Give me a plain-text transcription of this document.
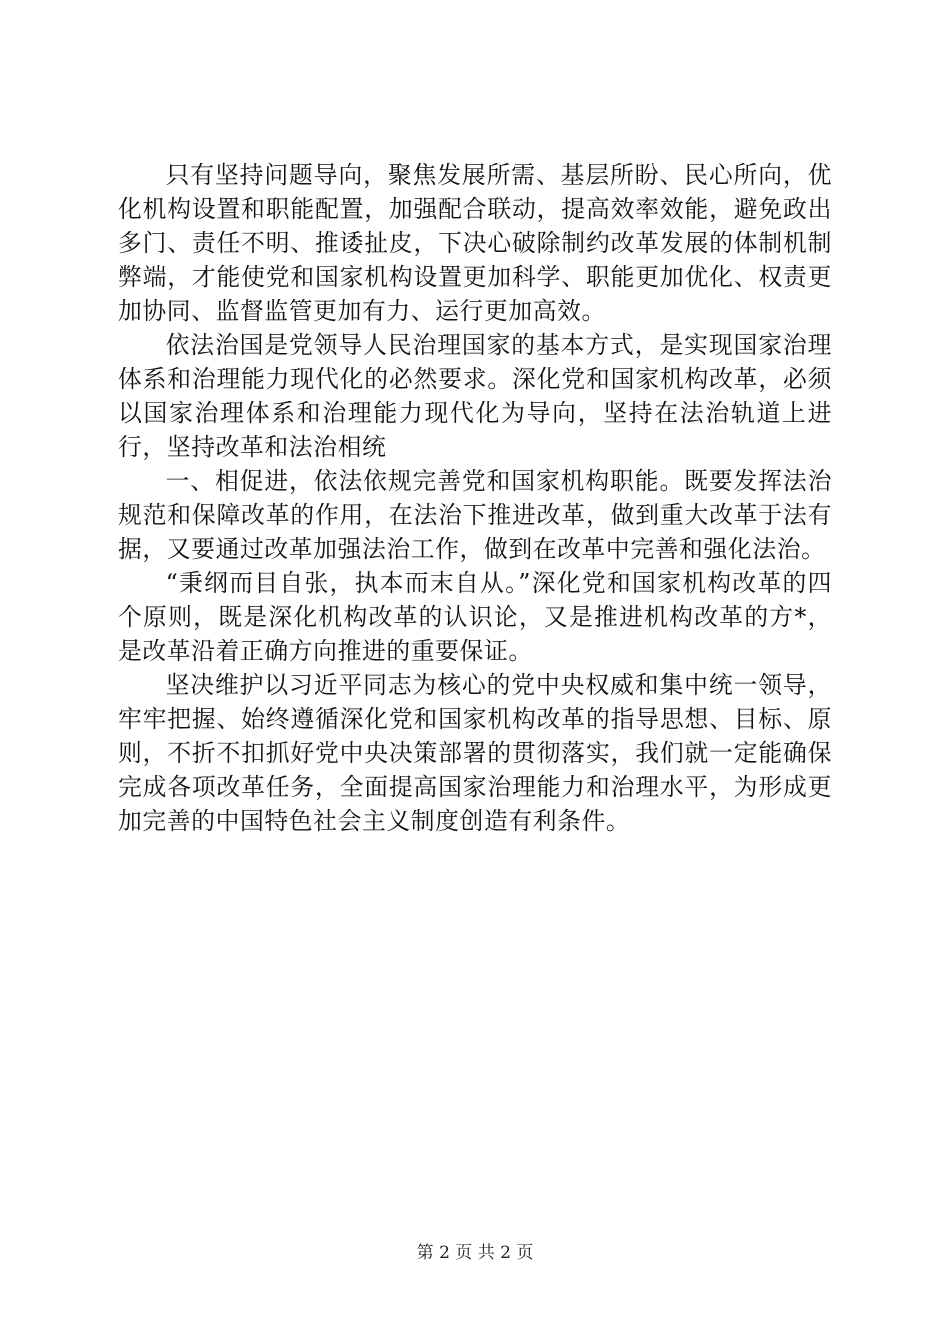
只有坚持问题导向，聚焦发展所需、基层所盼、民心所向，优化机构设置和职能配置，加强配合联动，提高效率效能，避免政出多门、责任不明、推诿扯皮，下决心破除制约改革发展的体制机制弊端，才能使党和国家机构设置更加科学、职能更加优化、权责更加协同、监督监管更加有力、运行更加高效。

依法治国是党领导人民治理国家的基本方式，是实现国家治理体系和治理能力现代化的必然要求。深化党和国家机构改革，必须以国家治理体系和治理能力现代化为导向，坚持在法治轨道上进行，坚持改革和法治相统

一、相促进，依法依规完善党和国家机构职能。既要发挥法治规范和保障改革的作用，在法治下推进改革，做到重大改革于法有据，又要通过改革加强法治工作，做到在改革中完善和强化法治。

“秉纲而目自张，执本而末自从。”深化党和国家机构改革的四个原则，既是深化机构改革的认识论，又是推进机构改革的方*，是改革沿着正确方向推进的重要保证。

坚决维护以习近平同志为核心的党中央权威和集中统一领导，牢牢把握、始终遵循深化党和国家机构改革的指导思想、目标、原则，不折不扣抓好党中央决策部署的贯彻落实，我们就一定能确保完成各项改革任务，全面提高国家治理能力和治理水平，为形成更加完善的中国特色社会主义制度创造有利条件。

第 2 页 共 2 页
